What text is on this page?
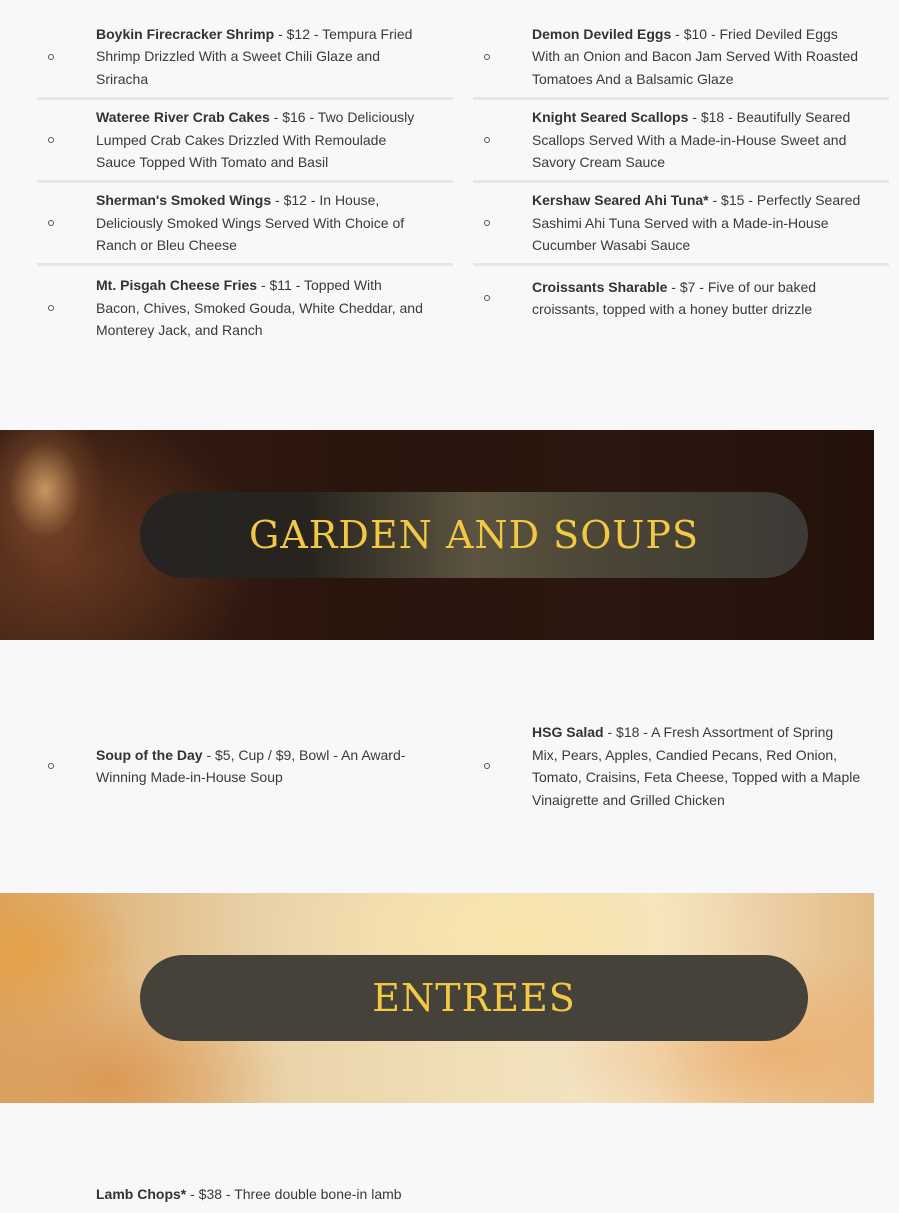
Boykin Firecracker Shrimp - $12 - Tempura Fried Shrimp Drizzled With a Sweet Chili Glaze and Sriracha
Wateree River Crab Cakes - $16 - Two Deliciously Lumped Crab Cakes Drizzled With Remoulade Sauce Topped With Tomato and Basil
Sherman's Smoked Wings - $12 - In House, Deliciously Smoked Wings Served With Choice of Ranch or Bleu Cheese
Mt. Pisgah Cheese Fries - $11 - Topped With Bacon, Chives, Smoked Gouda, White Cheddar, and Monterey Jack, and Ranch
Demon Deviled Eggs - $10 - Fried Deviled Eggs With an Onion and Bacon Jam Served With Roasted Tomatoes And a Balsamic Glaze
Knight Seared Scallops - $18 - Beautifully Seared Scallops Served With a Made-in-House Sweet and Savory Cream Sauce
Kershaw Seared Ahi Tuna* - $15 - Perfectly Seared Sashimi Ahi Tuna Served with a Made-in-House Cucumber Wasabi Sauce
Croissants Sharable - $7 - Five of our baked croissants, topped with a honey butter drizzle
GARDEN AND SOUPS
Soup of the Day - $5, Cup / $9, Bowl - An Award-Winning Made-in-House Soup
HSG Salad - $18 - A Fresh Assortment of Spring Mix, Pears, Apples, Candied Pecans, Red Onion, Tomato, Craisins, Feta Cheese, Topped with a Maple Vinaigrette and Grilled Chicken
ENTREES
Lamb Chops* - $38 - Three double bone-in lamb
